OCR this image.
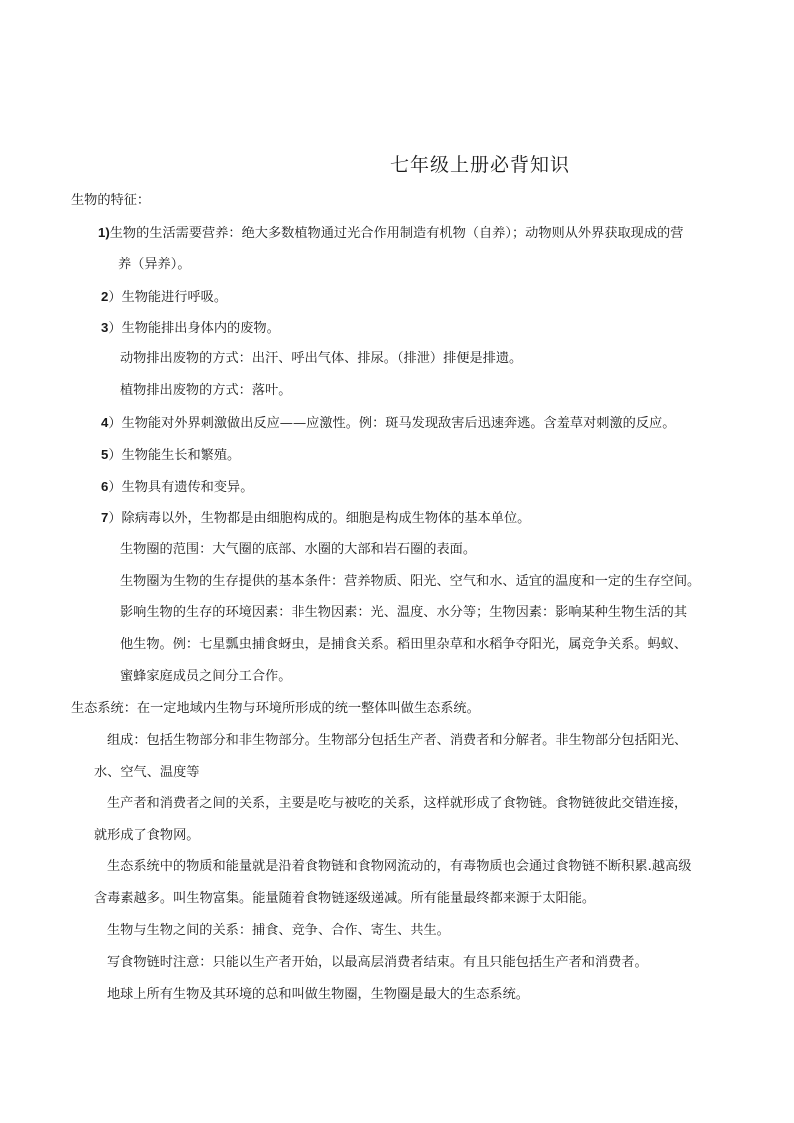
七年级上册必背知识
生物的特征：
1)生物的生活需要营养：绝大多数植物通过光合作用制造有机物（自养）；动物则从外界获取现成的营
养（异养）。
2）生物能进行呼吸。
3）生物能排出身体内的废物。
动物排出废物的方式：出汗、呼出气体、排尿。（排泄）排便是排遗。
植物排出废物的方式：落叶。
4）生物能对外界刺激做出反应——应激性。例：斑马发现敌害后迅速奔逃。含羞草对刺激的反应。
5）生物能生长和繁殖。
6）生物具有遗传和变异。
7）除病毒以外，生物都是由细胞构成的。细胞是构成生物体的基本单位。
生物圈的范围：大气圈的底部、水圈的大部和岩石圈的表面。
生物圈为生物的生存提供的基本条件：营养物质、阳光、空气和水、适宜的温度和一定的生存空间。
影响生物的生存的环境因素：非生物因素：光、温度、水分等；生物因素：影响某种生物生活的其
他生物。例：七星瓢虫捕食蚜虫，是捕食关系。稻田里杂草和水稻争夺阳光，属竞争关系。蚂蚁、
蜜蜂家庭成员之间分工合作。
生态系统：在一定地域内生物与环境所形成的统一整体叫做生态系统。
组成：包括生物部分和非生物部分。生物部分包括生产者、消费者和分解者。非生物部分包括阳光、
水、空气、温度等
生产者和消费者之间的关系，主要是吃与被吃的关系，这样就形成了食物链。食物链彼此交错连接，
就形成了食物网。
生态系统中的物质和能量就是沿着食物链和食物网流动的，有毒物质也会通过食物链不断积累.越高级
含毒素越多。叫生物富集。能量随着食物链逐级递减。所有能量最终都来源于太阳能。
生物与生物之间的关系：捕食、竞争、合作、寄生、共生。
写食物链时注意：只能以生产者开始，以最高层消费者结束。有且只能包括生产者和消费者。
地球上所有生物及其环境的总和叫做生物圈，生物圈是最大的生态系统。
